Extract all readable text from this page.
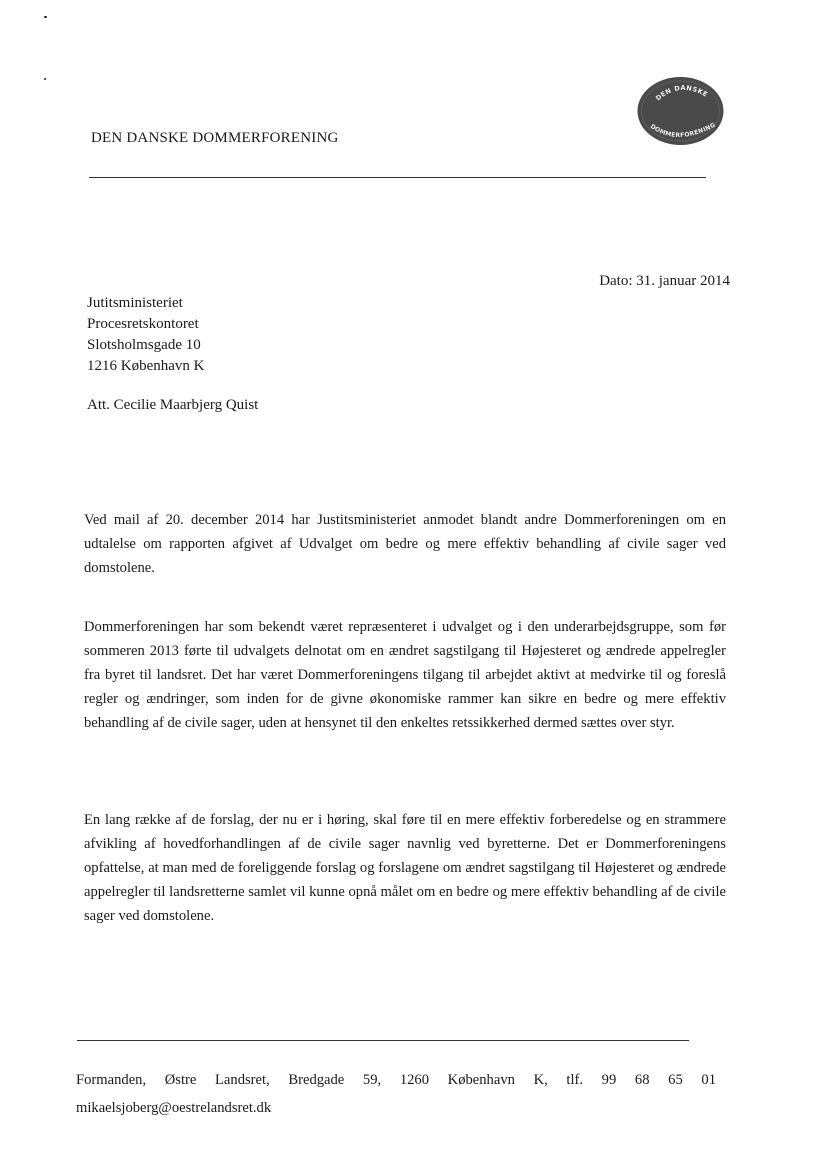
DEN DANSKE DOMMERFORENING
DEN DANSKE
DOMMERFORENING
Dato: 31. januar 2014
Jutitsministeriet
Procesretskontoret
Slotsholmsgade 10
1216 København K
Att. Cecilie Maarbjerg Quist
Ved mail af 20. december 2014 har Justitsministeriet anmodet blandt andre Dommerforeningen om en udtalelse om rapporten afgivet af Udvalget om bedre og mere effektiv behandling af civile sager ved domstolene.
Dommerforeningen har som bekendt været repræsenteret i udvalget og i den underarbejdsgruppe, som før sommeren 2013 førte til udvalgets delnotat om en ændret sagstilgang til Højesteret og ændrede appelregler fra byret til landsret. Det har været Dommerforeningens tilgang til arbejdet aktivt at medvirke til og foreslå regler og ændringer, som inden for de givne økonomiske rammer kan sikre en bedre og mere effektiv behandling af de civile sager, uden at hensynet til den enkeltes retssikkerhed dermed sættes over styr.
En lang række af de forslag, der nu er i høring, skal føre til en mere effektiv forberedelse og en strammere afvikling af hovedforhandlingen af de civile sager navnlig ved byretterne. Det er Dommerforeningens opfattelse, at man med de foreliggende forslag og forslagene om ændret sagstilgang til Højesteret og ændrede appelregler til landsretterne samlet vil kunne opnå målet om en bedre og mere effektiv behandling af de civile sager ved domstolene.
Formanden, Østre Landsret, Bredgade 59, 1260 København K, tlf. 99 68 65 01
mikaelsjoberg@oestrelandsret.dk
